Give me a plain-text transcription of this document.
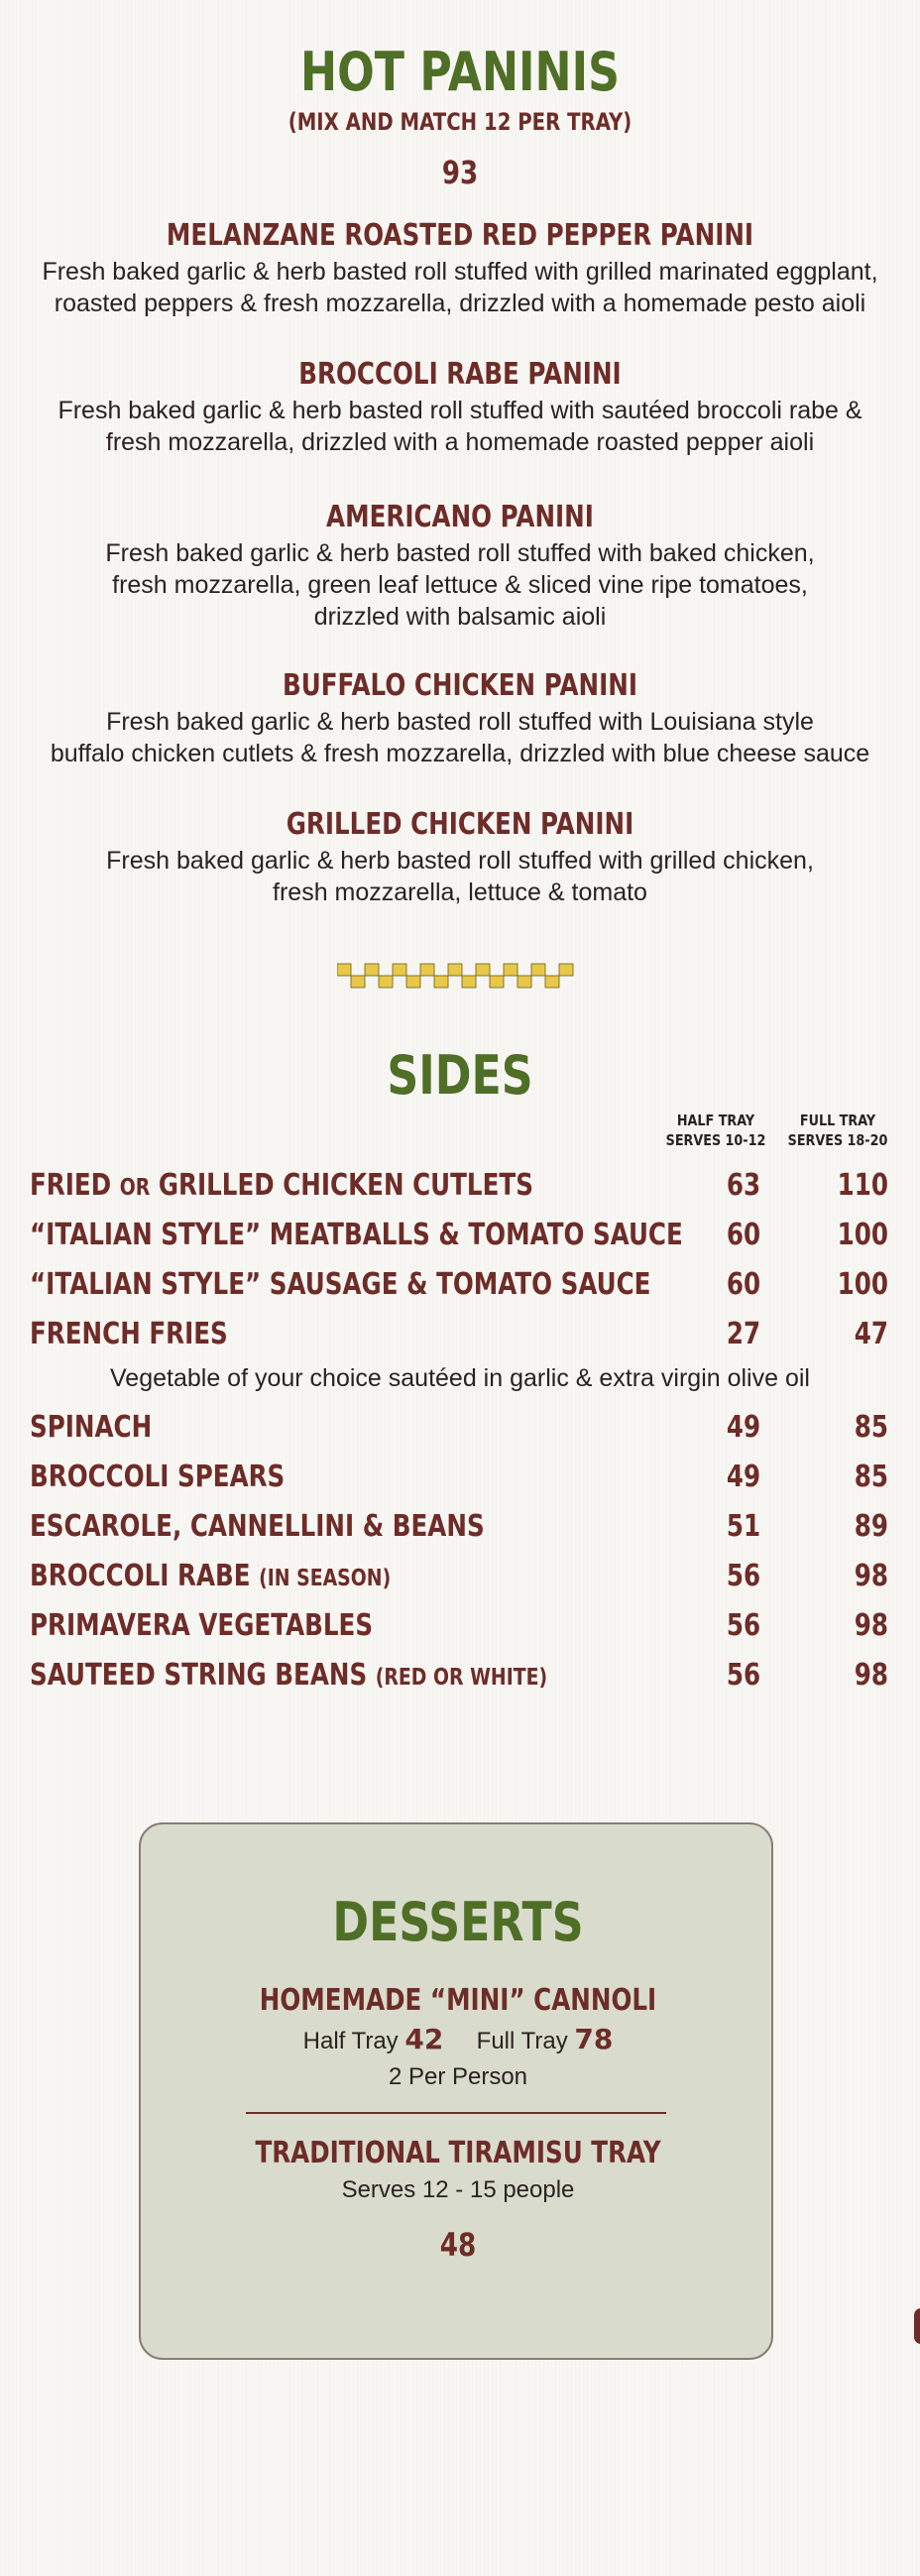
HOT PANINIS
(MIX AND MATCH 12 PER TRAY)
93
MELANZANE ROASTED RED PEPPER PANINI
Fresh baked garlic & herb basted roll stuffed with grilled marinated eggplant,
roasted peppers & fresh mozzarella, drizzled with a homemade pesto aioli
BROCCOLI RABE PANINI
Fresh baked garlic & herb basted roll stuffed with sautéed broccoli rabe &
fresh mozzarella, drizzled with a homemade roasted pepper aioli
AMERICANO PANINI
Fresh baked garlic & herb basted roll stuffed with baked chicken,
fresh mozzarella, green leaf lettuce & sliced vine ripe tomatoes,
drizzled with balsamic aioli
BUFFALO CHICKEN PANINI
Fresh baked garlic & herb basted roll stuffed with Louisiana style
buffalo chicken cutlets & fresh mozzarella, drizzled with blue cheese sauce
GRILLED CHICKEN PANINI
Fresh baked garlic & herb basted roll stuffed with grilled chicken,
fresh mozzarella, lettuce & tomato
SIDES
HALF TRAY
SERVES 10-12
FULL TRAY
SERVES 18-20
FRIED OR GRILLED CHICKEN CUTLETS	63	110
“ITALIAN STYLE” MEATBALLS & TOMATO SAUCE	60	100
“ITALIAN STYLE” SAUSAGE & TOMATO SAUCE	60	100
FRENCH FRIES	27	47
Vegetable of your choice sautéed in garlic & extra virgin olive oil
SPINACH	49	85
BROCCOLI SPEARS	49	85
ESCAROLE, CANNELLINI & BEANS	51	89
BROCCOLI RABE (IN SEASON)	56	98
PRIMAVERA VEGETABLES	56	98
SAUTEED STRING BEANS (RED OR WHITE)	56	98
DESSERTS
HOMEMADE “MINI” CANNOLI
Half Tray 42 Full Tray 78
2 Per Person
TRADITIONAL TIRAMISU TRAY
Serves 12 - 15 people
48
